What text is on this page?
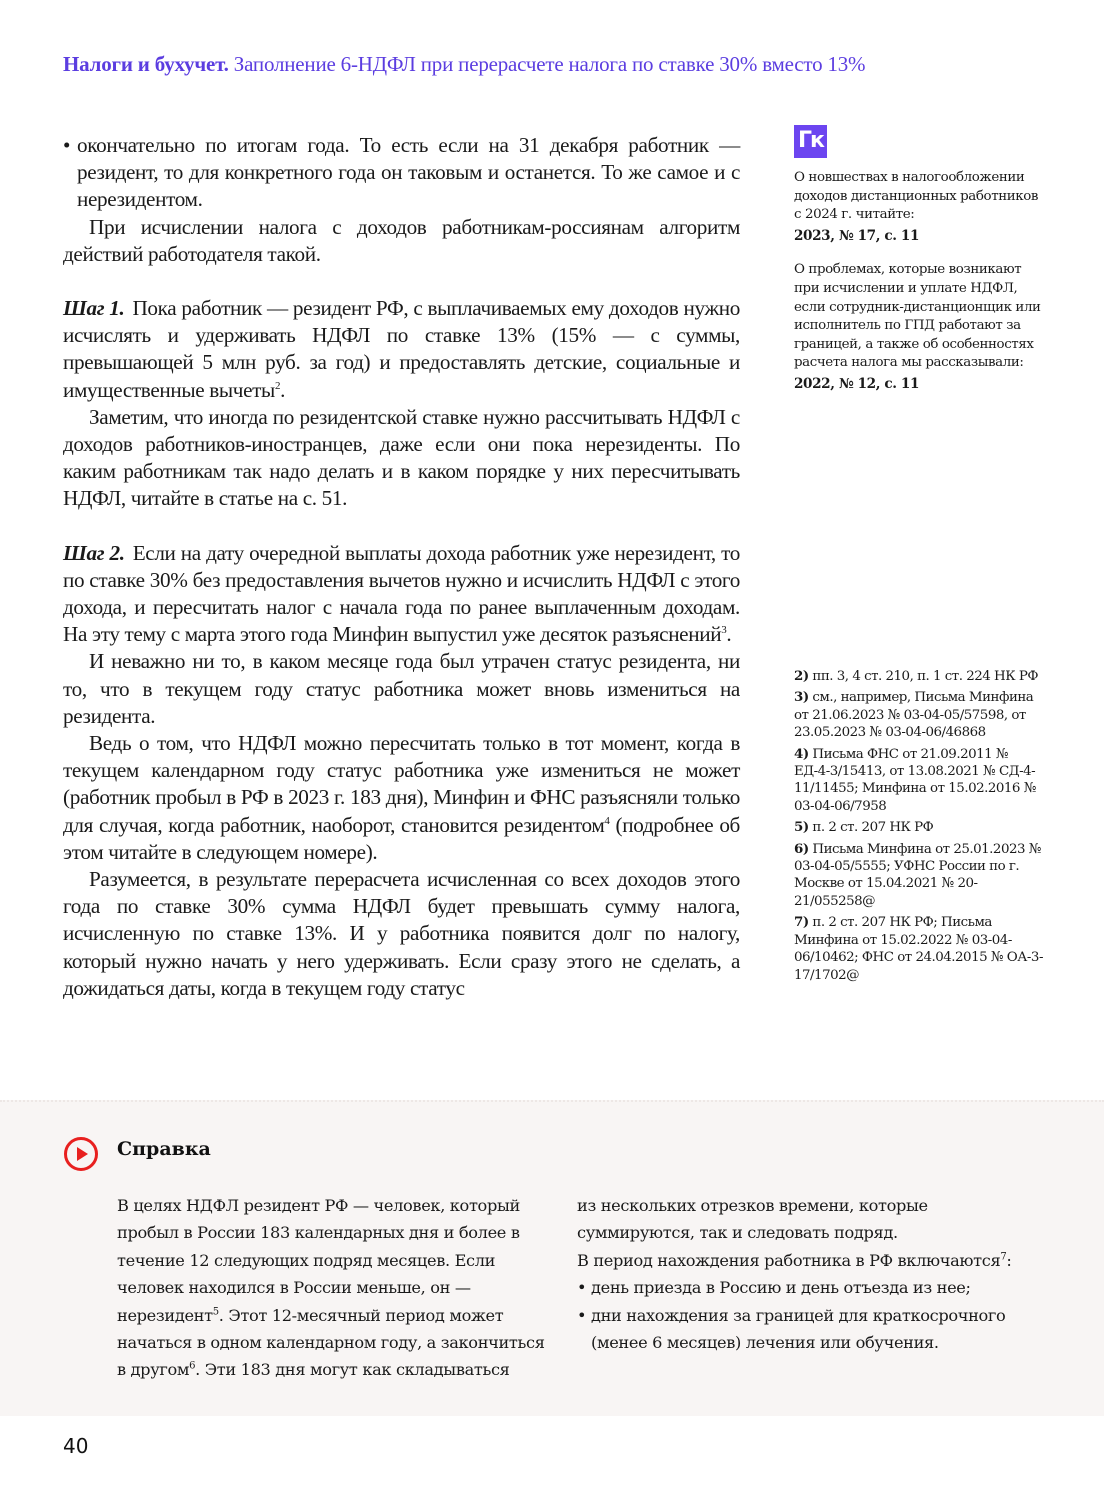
Налоги и бухучет. Заполнение 6-НДФЛ при перерасчете налога по ставке 30% вместо 13%

• окончательно по итогам года. То есть если на 31 декабря работник — резидент, то для конкретного года он таковым и останется. То же самое и с нерезидентом.

При исчислении налога с доходов работникам-россиянам алгоритм действий работодателя такой.

Шаг 1. Пока работник — резидент РФ, с выплачиваемых ему доходов нужно исчислять и удерживать НДФЛ по ставке 13% (15% — с суммы, превышающей 5 млн руб. за год) и предоставлять детские, социальные и имущественные вычеты$^2$.

Заметим, что иногда по резидентской ставке нужно рассчитывать НДФЛ с доходов работников-иностранцев, даже если они пока нерезиденты. По каким работникам так надо делать и в каком порядке у них пересчитывать НДФЛ, читайте в статье на с. 51.

Шаг 2. Если на дату очередной выплаты дохода работник уже нерезидент, то по ставке 30% без предоставления вычетов нужно и исчислить НДФЛ с этого дохода, и пересчитать налог с начала года по ранее выплаченным доходам. На эту тему с марта этого года Минфин выпустил уже десяток разъяснений$^3$.

И неважно ни то, в каком месяце года был утрачен статус резидента, ни то, что в текущем году статус работника может вновь измениться на резидента.

Ведь о том, что НДФЛ можно пересчитать только в тот момент, когда в текущем календарном году статус работника уже измениться не может (работник пробыл в РФ в 2023 г. 183 дня), Минфин и ФНС разъясняли только для случая, когда работник, наоборот, становится резидентом$^4$ (подробнее об этом читайте в следующем номере).

Разумеется, в результате перерасчета исчисленная со всех доходов этого года по ставке 30% сумма НДФЛ будет превышать сумму налога, исчисленную по ставке 13%. И у работника появится долг по налогу, который нужно начать у него удерживать. Если сразу этого не сделать, а дожидаться даты, когда в текущем году статус

Гк

О новшествах в налогообложении доходов дистанционных работников с 2024 г. читайте:

2023, № 17, с. 11

О проблемах, которые возникают при исчислении и уплате НДФЛ, если сотрудник-дистанционщик или исполнитель по ГПД работают за границей, а также об особенностях расчета налога мы рассказывали:

2022, № 12, с. 11

2) пп. 3, 4 ст. 210, п. 1 ст. 224 НК РФ

3) см., например, Письма Минфина от 21.06.2023 № 03-04-05/57598, от 23.05.2023 № 03-04-06/46868

4) Письма ФНС от 21.09.2011 № ЕД-4-3/15413, от 13.08.2021 № СД-4-11/11455; Минфина от 15.02.2016 № 03-04-06/7958

5) п. 2 ст. 207 НК РФ

6) Письма Минфина от 25.01.2023 № 03-04-05/5555; УФНС России по г. Москве от 15.04.2021 № 20-21/055258@

7) п. 2 ст. 207 НК РФ; Письма Минфина от 15.02.2022 № 03-04-06/10462; ФНС от 24.04.2015 № ОА-3-17/1702@

Справка

В целях НДФЛ резидент РФ — человек, который пробыл в России 183 календарных дня и более в течение 12 следующих подряд месяцев. Если человек находился в России меньше, он — нерезидент$^5$. Этот 12-месячный период может начаться в одном календарном году, а закончиться в другом$^6$. Эти 183 дня могут как складываться

из нескольких отрезков времени, которые суммируются, так и следовать подряд.

В период нахождения работника в РФ включаются$^7$:

• день приезда в Россию и день отъезда из нее;

• дни нахождения за границей для краткосрочного (менее 6 месяцев) лечения или обучения.

40
